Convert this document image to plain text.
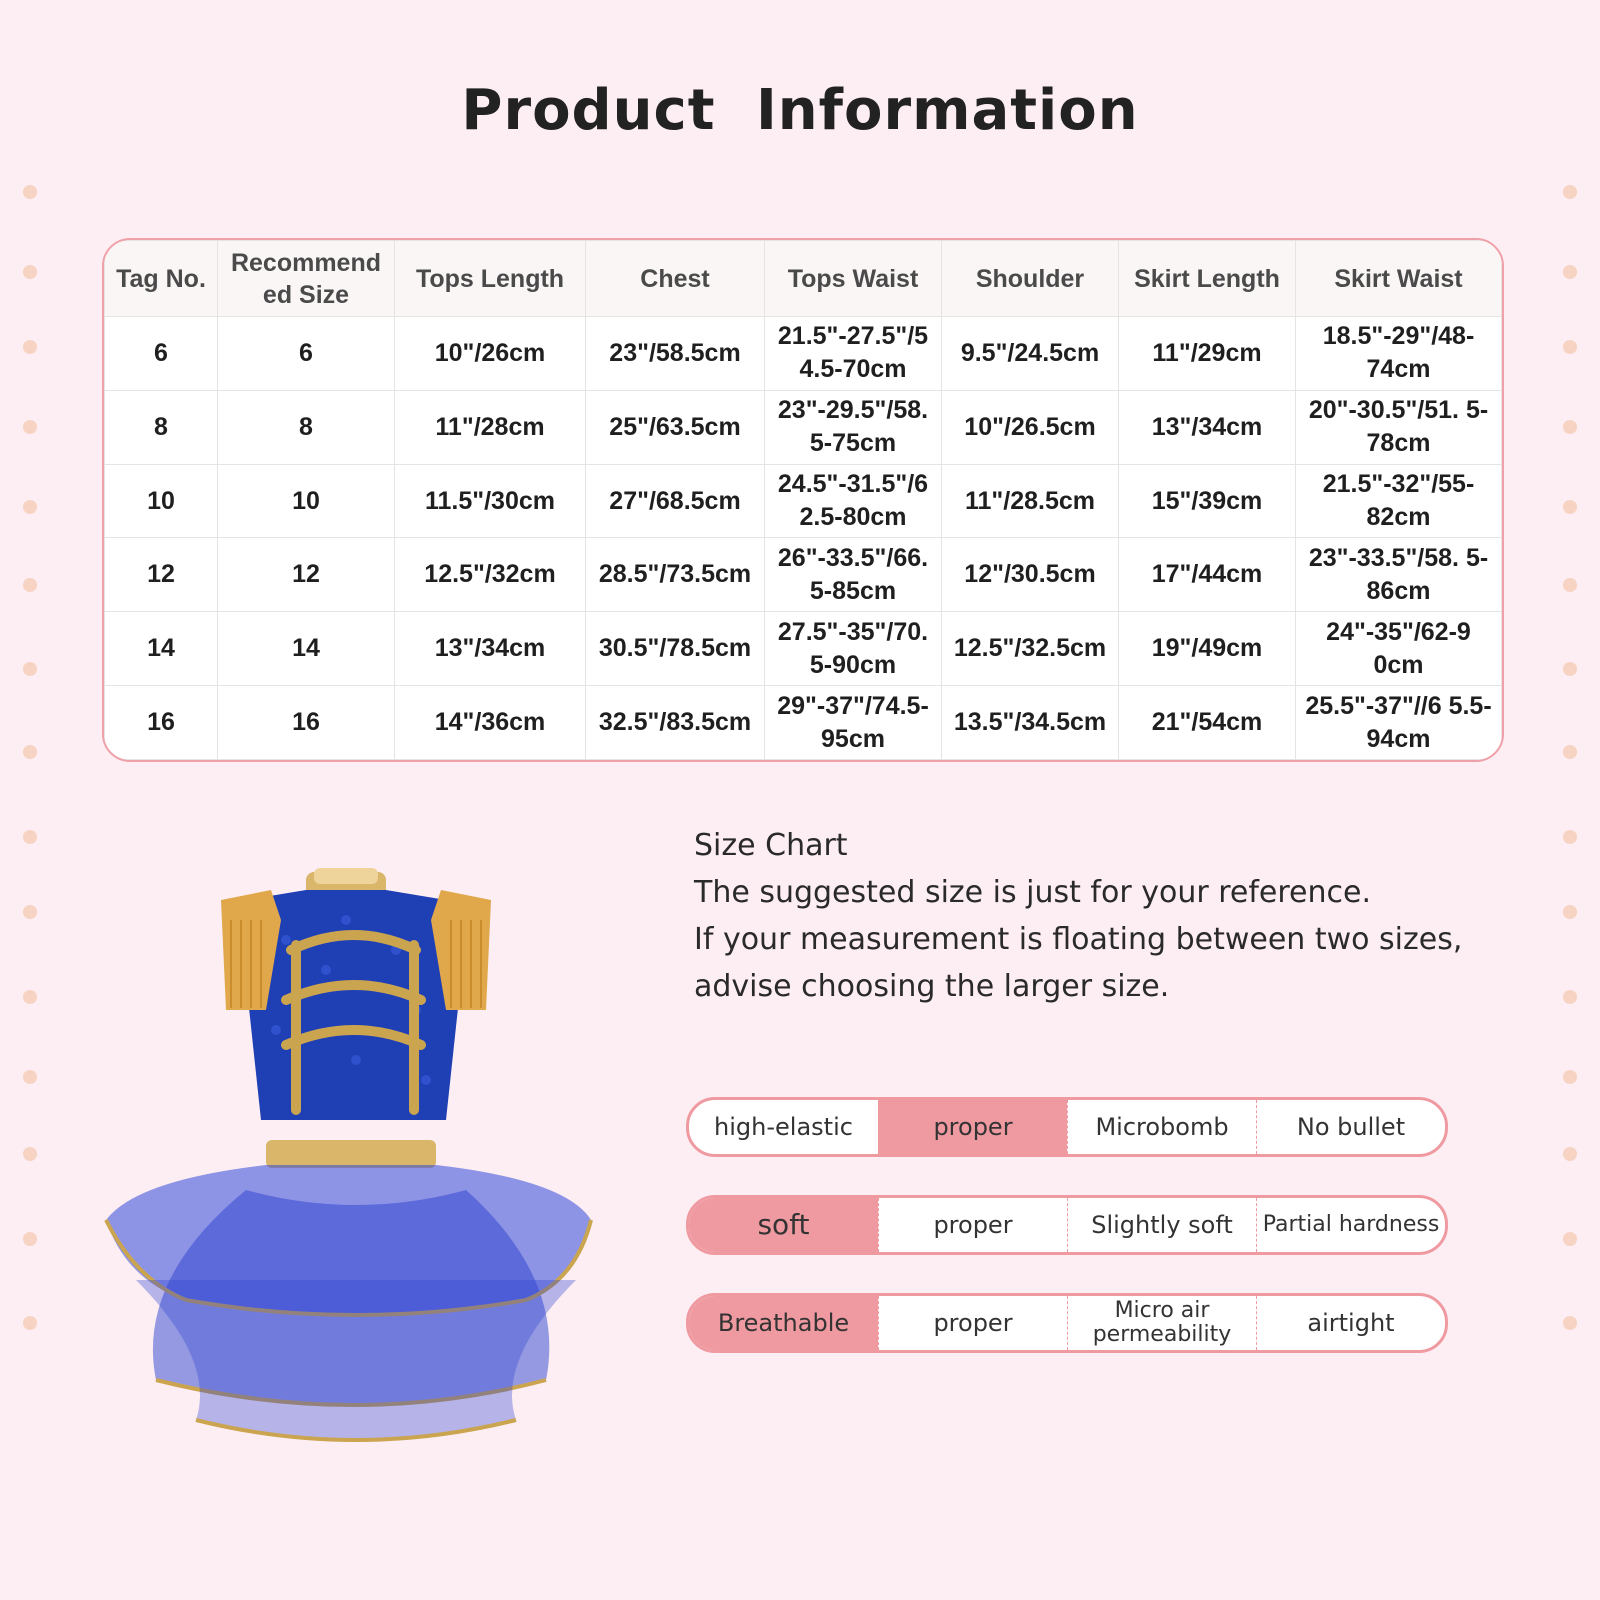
Product Information
Tag No.	Recommend ed Size	Tops Length	Chest	Tops Waist	Shoulder	Skirt Length	Skirt Waist
6	6	10"/26cm	23"/58.5cm	21.5"-27.5"/5 4.5-70cm	9.5"/24.5cm	11"/29cm	18.5"-29"/48- 74cm
8	8	11"/28cm	25"/63.5cm	23"-29.5"/58. 5-75cm	10"/26.5cm	13"/34cm	20"-30.5"/51. 5-78cm
10	10	11.5"/30cm	27"/68.5cm	24.5"-31.5"/6 2.5-80cm	11"/28.5cm	15"/39cm	21.5"-32"/55- 82cm
12	12	12.5"/32cm	28.5"/73.5cm	26"-33.5"/66. 5-85cm	12"/30.5cm	17"/44cm	23"-33.5"/58. 5-86cm
14	14	13"/34cm	30.5"/78.5cm	27.5"-35"/70. 5-90cm	12.5"/32.5cm	19"/49cm	24"-35"/62-9 0cm
16	16	14"/36cm	32.5"/83.5cm	29"-37"/74.5- 95cm	13.5"/34.5cm	21"/54cm	25.5"-37"//6 5.5-94cm
Size Chart
The suggested size is just for your reference.
If your measurement is floating between two sizes,
advise choosing the larger size.
high-elastic	proper	Microbomb	No bullet
soft	proper	Slightly soft	Partial hardness
Breathable	proper	Micro air permeability	airtight
